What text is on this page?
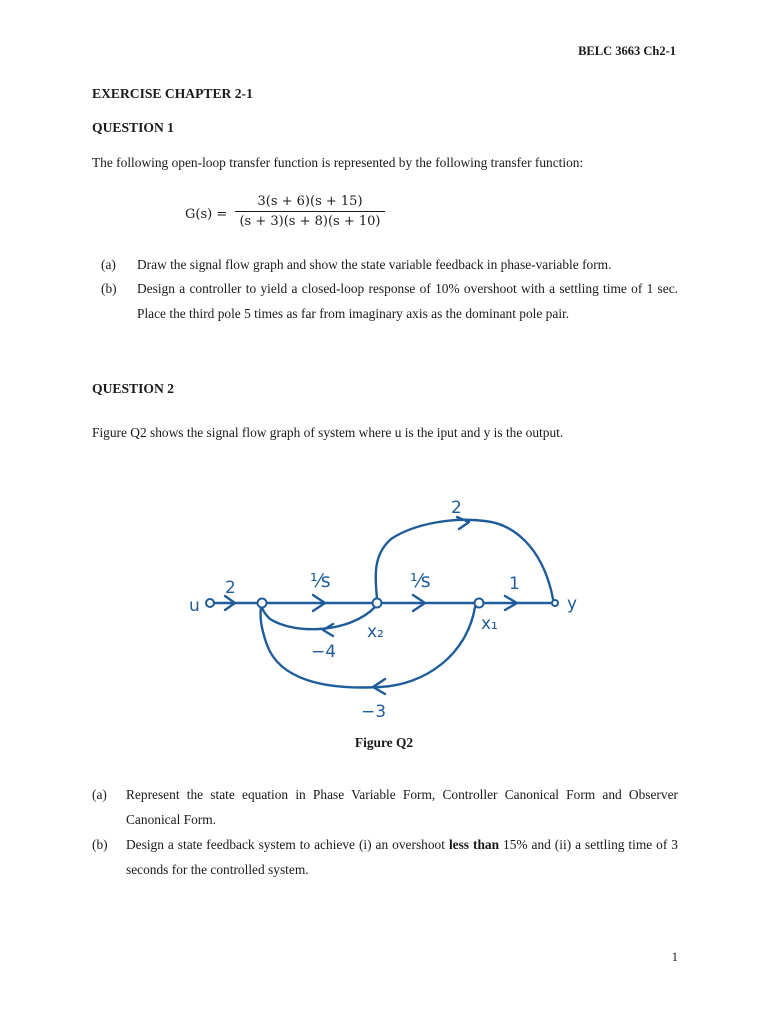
BELC 3663 Ch2-1
EXERCISE CHAPTER 2-1
QUESTION 1
The following open-loop transfer function is represented by the following transfer function:
G(s) =
3(s + 6)(s + 15)
(s + 3)(s + 8)(s + 10)
(a) Draw the signal flow graph and show the state variable feedback in phase-variable form.
(b) Design a controller to yield a closed-loop response of 10% overshoot with a settling time of 1 sec. Place the third pole 5 times as far from imaginary axis as the dominant pole pair.
QUESTION 2
Figure Q2 shows the signal flow graph of system where u is the iput and y is the output.
u	y
x₁
x₂
2	¹⁄s	¹⁄s	1
2
−4
−3
Figure Q2
(a) Represent the state equation in Phase Variable Form, Controller Canonical Form and Observer Canonical Form.
(b) Design a state feedback system to achieve (i) an overshoot less than 15% and (ii) a settling time of 3 seconds for the controlled system.
1
